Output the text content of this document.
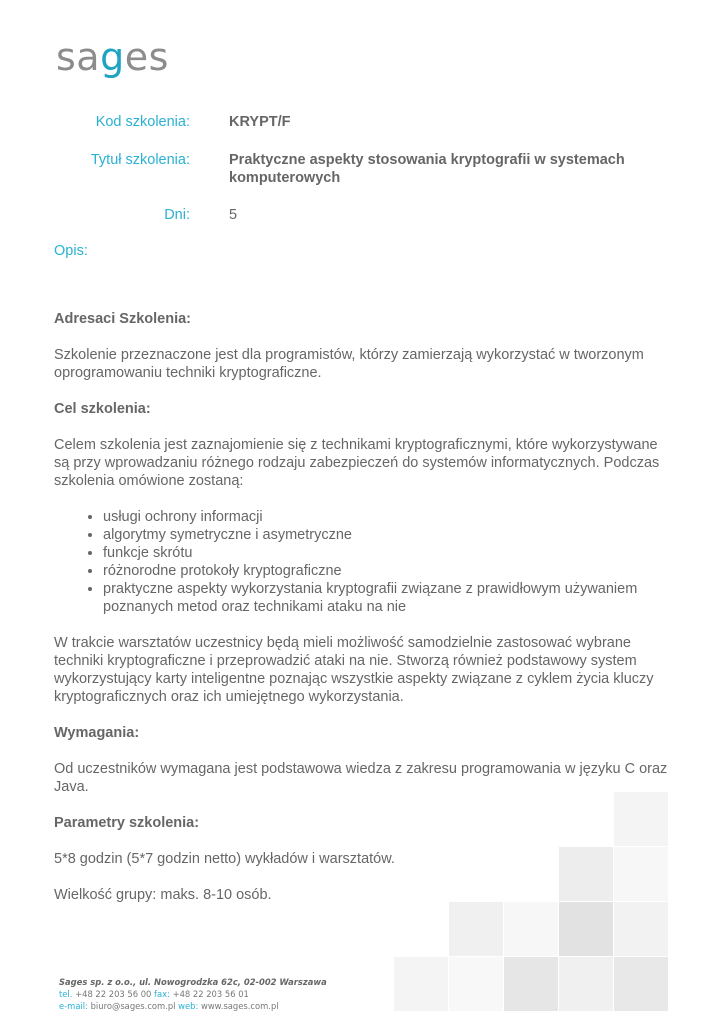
sages
Kod szkolenia:	KRYPT/F
Tytuł szkolenia:	Praktyczne aspekty stosowania kryptografii w systemach komputerowych
Dni:	5
Opis:
Adresaci Szkolenia:

Szkolenie przeznaczone jest dla programistów, którzy zamierzają wykorzystać w tworzonym oprogramowaniu techniki kryptograficzne.

Cel szkolenia:

Celem szkolenia jest zaznajomienie się z technikami kryptograficznymi, które wykorzystywane są przy wprowadzaniu różnego rodzaju zabezpieczeń do systemów informatycznych. Podczas szkolenia omówione zostaną:

• usługi ochrony informacji
• algorytmy symetryczne i asymetryczne
• funkcje skrótu
• różnorodne protokoły kryptograficzne
• praktyczne aspekty wykorzystania kryptografii związane z prawidłowym używaniem poznanych metod oraz technikami ataku na nie

W trakcie warsztatów uczestnicy będą mieli możliwość samodzielnie zastosować wybrane techniki kryptograficzne i przeprowadzić ataki na nie. Stworzą również podstawowy system wykorzystujący karty inteligentne poznając wszystkie aspekty związane z cyklem życia kluczy kryptograficznych oraz ich umiejętnego wykorzystania.

Wymagania:

Od uczestników wymagana jest podstawowa wiedza z zakresu programowania w języku C oraz Java.

Parametry szkolenia:

5*8 godzin (5*7 godzin netto) wykładów i warsztatów.

Wielkość grupy: maks. 8-10 osób.

Sages sp. z o.o., ul. Nowogrodzka 62c, 02-002 Warszawa
tel. +48 22 203 56 00 fax: +48 22 203 56 01
e-mail: biuro@sages.com.pl web: www.sages.com.pl
